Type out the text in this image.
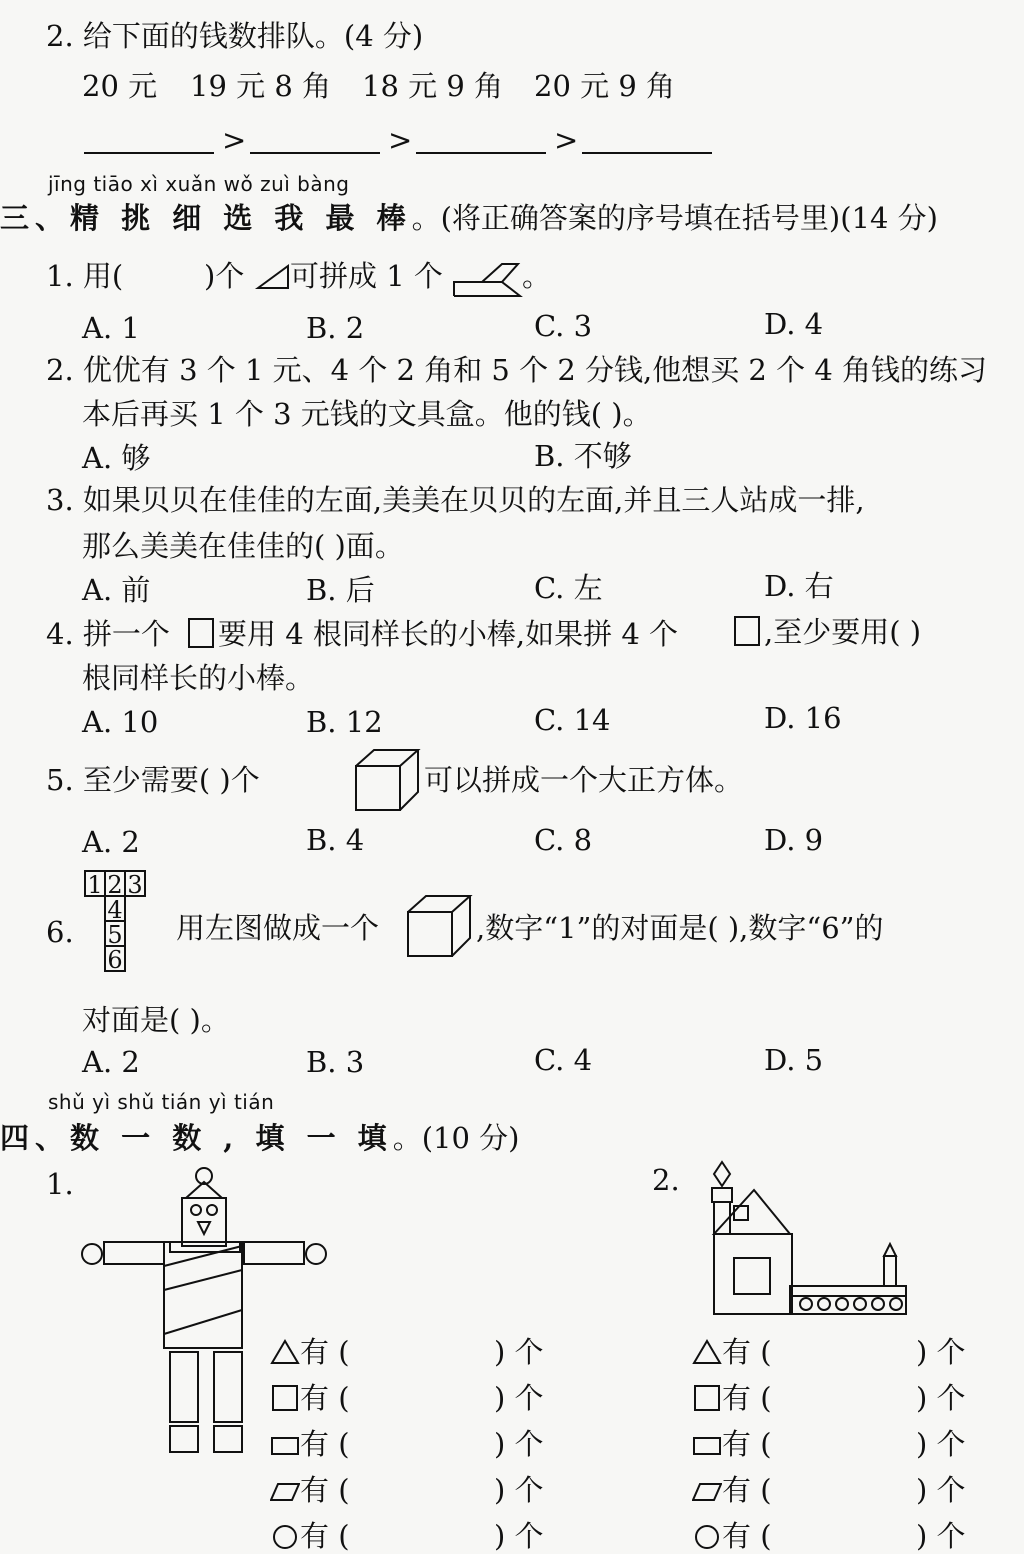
2. 给下面的钱数排队。(4 分)
20 元 19 元 8 角 18 元 9 角 20 元 9 角
>	>	>
jīng tiāo xì xuǎn wǒ zuì bàng
三、精 挑 细 选 我 最 棒。(将正确答案的序号填在括号里)(14 分)
1. 用(	)个 可拼成 1 个	。
A. 1	B. 2	C. 3	D. 4
2. 优优有 3 个 1 元、4 个 2 角和 5 个 2 分钱,他想买 2 个 4 角钱的练习
本后再买 1 个 3 元钱的文具盒。他的钱( )。
A. 够	B. 不够
3. 如果贝贝在佳佳的左面,美美在贝贝的左面,并且三人站成一排,
那么美美在佳佳的( )面。
A. 前	B. 后	C. 左	D. 右
4. 拼一个 要用 4 根同样长的小棒,如果拼 4 个	,至少要用( )
根同样长的小棒。
A. 10	B. 12	C. 14	D. 16
5. 至少需要( )个	可以拼成一个大正方体。
A. 2	B. 4	C. 8	D. 9
1 2 3
4
5
6
6.	用左图做成一个	,数字“1”的对面是( ),数字“6”的
对面是( )。
A. 2	B. 3	C. 4	D. 5
shǔ yì shǔ tián yì tián
四、数 一 数 , 填 一 填。(10 分)
1.	2.
有 (	) 个
有 (	) 个
有 (	) 个
有 (	) 个
有 (	) 个
有 (	) 个
有 (	) 个
有 (	) 个
有 (	) 个
有 (	) 个
